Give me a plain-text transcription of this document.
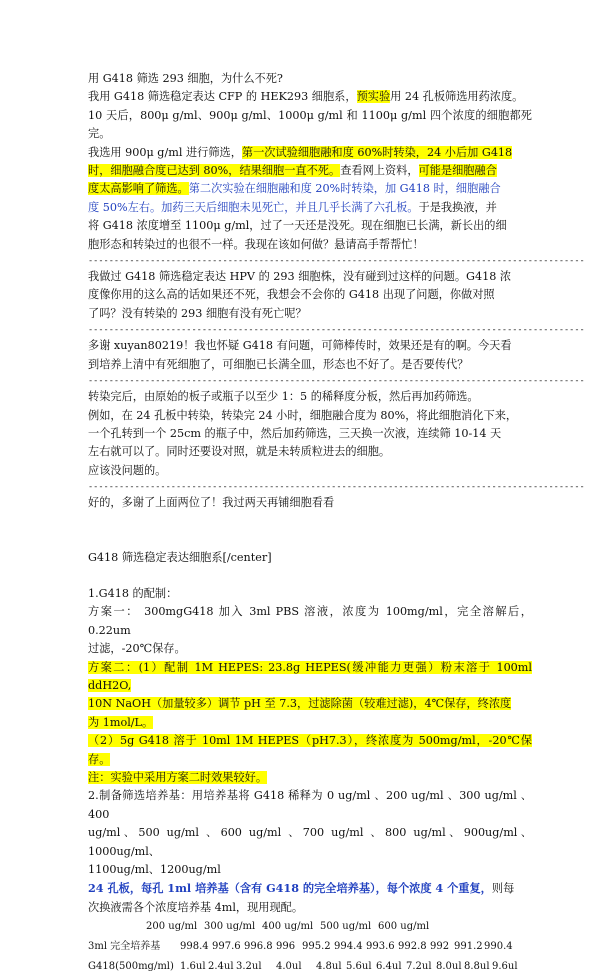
用 G418 筛选 293 细胞，为什么不死?

我用 G418 筛选稳定表达 CFP 的 HEK293 细胞系，预实验用 24 孔板筛选用药浓度。
10 天后，800μ g/ml、900μ g/ml、1000μ g/ml 和 1100μ g/ml 四个浓度的细胞都死完。
我选用 900μ g/ml 进行筛选，第一次试验细胞融和度 60%时转染，24 小后加 G418
时，细胞融合度已达到 80%，结果细胞一直不死。查看网上资料，可能是细胞融合
度太高影响了筛选。第二次实验在细胞融和度 20%时转染，加 G418 时，细胞融合
度 50%左右。加药三天后细胞未见死亡，并且几乎长满了六孔板。于是我换液，并
将 G418 浓度增至 1100μ g/ml，过了一天还是没死。现在细胞已长满，新长出的细
胞形态和转染过的也很不一样。我现在该如何做？悬请高手帮帮忙！

------------------------------------------------------------------------------------------------

我做过 G418 筛选稳定表达 HPV 的 293 细胞株，没有碰到过这样的问题。G418 浓
度像你用的这么高的话如果还不死，我想会不会你的 G418 出现了问题，你做对照
了吗？没有转染的 293 细胞有没有死亡呢？

------------------------------------------------------------------------------------------------

多谢 xuyan80219！我也怀疑 G418 有问题，可筛棒传时，效果还是有的啊。今天看
到培养上清中有死细胞了，可细胞已长满全皿，形态也不好了。是否要传代？

------------------------------------------------------------------------------------------------

转染完后，由原始的板子或瓶子以至少 1：5 的稀释度分板，然后再加药筛选。
例如，在 24 孔板中转染，转染完 24 小时，细胞融合度为 80%，将此细胞消化下来，
一个孔转到一个 25cm 的瓶子中，然后加药筛选，三天换一次液，连续筛 10-14 天
左右就可以了。同时还要设对照，就是未转质粒进去的细胞。
应该没问题的。

------------------------------------------------------------------------------------------------

好的，多谢了上面两位了！我过两天再铺细胞看看

G418 筛选稳定表达细胞系[/center]

1.G418 的配制：

方案一： 300mgG418 加入 3ml PBS 溶液，浓度为 100mg/ml，完全溶解后，0.22um
过滤，-20℃保存。

方案二：(1）配制 1M HEPES: 23.8g HEPES(缓冲能力更强）粉末溶于 100ml ddH2O,
10N NaOH（加量较多）调节 pH 至 7.3，过滤除菌（较难过滤)，4℃保存，终浓度
为 1mol/L。
（2）5g G418 溶于 10ml 1M HEPES（pH7.3），终浓度为 500mg/ml，-20℃保存。
注：实验中采用方案二时效果较好。

2.制备筛选培养基：用培养基将 G418 稀释为 0 ug/ml 、200 ug/ml 、300 ug/ml 、400
ug/ml、500 ug/ml 、600 ug/ml 、700 ug/ml 、800 ug/ml、900ug/ml、1000ug/ml、
1100ug/ml、1200ug/ml

24 孔板，每孔 1ml 培养基（含有 G418 的完全培养基），每个浓度 4 个重复，则每
次换液需各个浓度培养基 4ml，现用现配。

200 ug/ml 300 ug/ml 400 ug/ml 500 ug/ml 600 ug/ml
3ml 完全培养基 998.4 997.6 996.8 996 995.2 994.4 993.6 992.8 992 991.2990.4
G418(500mg/ml) 1.6ul 2.4ul 3.2ul 4.0ul 4.8ul 5.6ul 6.4ul 7.2ul 8.0ul 8.8ul 9.6ul
